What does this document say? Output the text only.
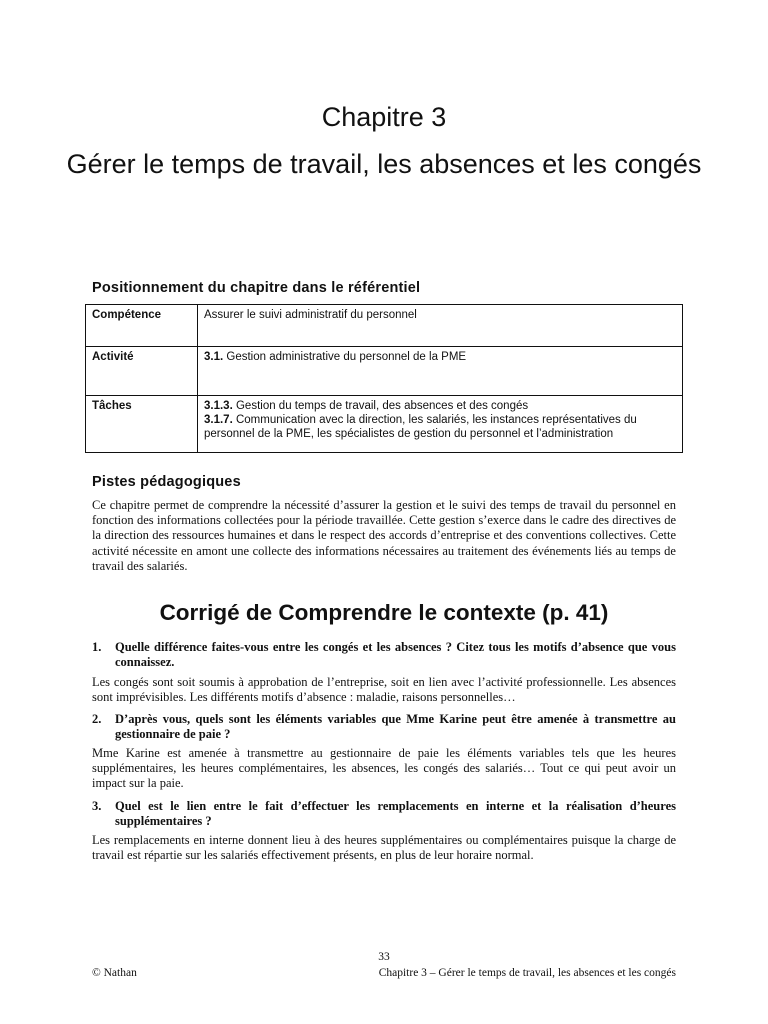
Chapitre 3
Gérer le temps de travail, les absences et les congés
Positionnement du chapitre dans le référentiel
Compétence	Assurer le suivi administratif du personnel
Activité	3.1. Gestion administrative du personnel de la PME
Tâches	3.1.3. Gestion du temps de travail, des absences et des congés

3.1.7. Communication avec la direction, les salariés, les instances représentatives du personnel de la PME, les spécialistes de gestion du personnel et l’administration

Pistes pédagogiques
Ce chapitre permet de comprendre la nécessité d’assurer la gestion et le suivi des temps de travail du personnel en fonction des informations collectées pour la période travaillée. Cette gestion s’exerce dans le cadre des directives de la direction des ressources humaines et dans le respect des accords d’entreprise et des conventions collectives. Cette activité nécessite en amont une collecte des informations nécessaires au traitement des événements liés au temps de travail des salariés.
Corrigé de Comprendre le contexte (p. 41)
1. Quelle différence faites-vous entre les congés et les absences ? Citez tous les motifs d’absence que vous connaissez.
Les congés sont soit soumis à approbation de l’entreprise, soit en lien avec l’activité professionnelle. Les absences sont imprévisibles. Les différents motifs d’absence : maladie, raisons personnelles…
2. D’après vous, quels sont les éléments variables que Mme Karine peut être amenée à transmettre au gestionnaire de paie ?
Mme Karine est amenée à transmettre au gestionnaire de paie les éléments variables tels que les heures supplémentaires, les heures complémentaires, les absences, les congés des salariés… Tout ce qui peut avoir un impact sur la paie.
3. Quel est le lien entre le fait d’effectuer les remplacements en interne et la réalisation d’heures supplémentaires ?
Les remplacements en interne donnent lieu à des heures supplémentaires ou complémentaires puisque la charge de travail est répartie sur les salariés effectivement présents, en plus de leur horaire normal.
33
© Nathan	Chapitre 3 – Gérer le temps de travail, les absences et les congés
